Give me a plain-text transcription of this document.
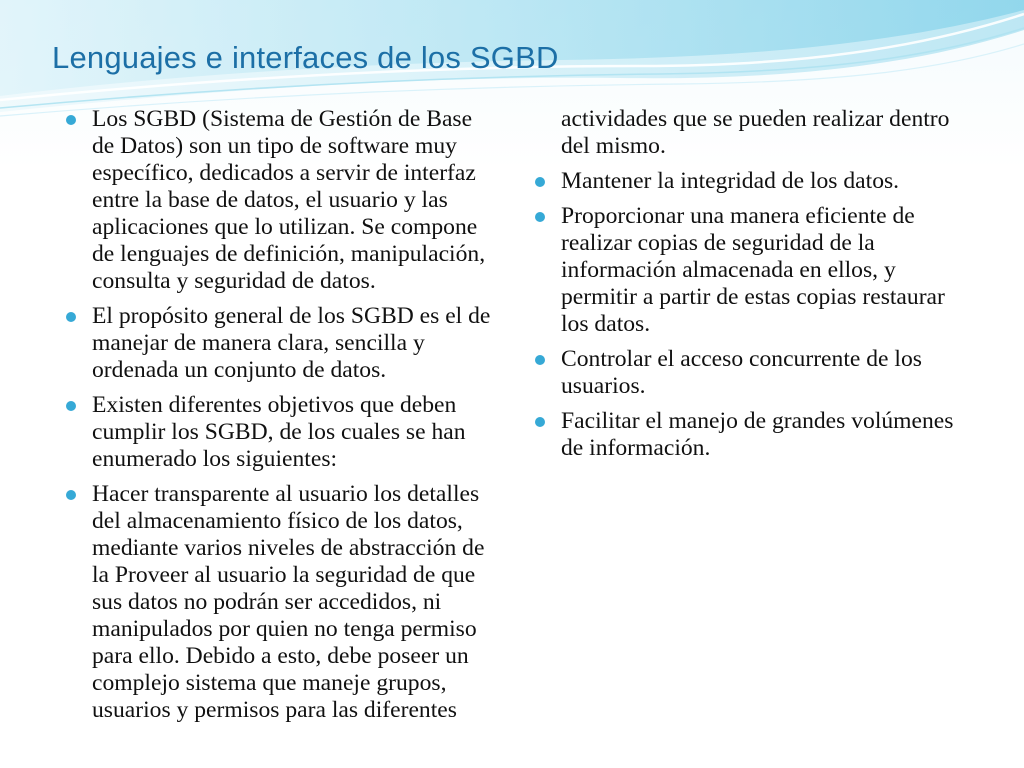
Lenguajes e interfaces de los SGBD
Los SGBD (Sistema de Gestión de Base de Datos) son un tipo de software muy específico, dedicados a servir de interfaz entre la base de datos, el usuario y las aplicaciones que lo utilizan. Se compone de lenguajes de definición, manipulación, consulta y seguridad de datos.
El propósito general de los SGBD es el de manejar de manera clara, sencilla y ordenada un conjunto de datos.
Existen diferentes objetivos que deben cumplir los SGBD, de los cuales se han enumerado los siguientes:
Hacer transparente al usuario los detalles del almacenamiento físico de los datos, mediante varios niveles de abstracción de la Proveer al usuario la seguridad de que sus datos no podrán ser accedidos, ni manipulados por quien no tenga permiso para ello. Debido a esto, debe poseer un complejo sistema que maneje grupos, usuarios y permisos para las diferentes actividades que se pueden realizar dentro del mismo.
Mantener la integridad de los datos.
Proporcionar una manera eficiente de realizar copias de seguridad de la información almacenada en ellos, y permitir a partir de estas copias restaurar los datos.
Controlar el acceso concurrente de los usuarios.
Facilitar el manejo de grandes volúmenes de información.
